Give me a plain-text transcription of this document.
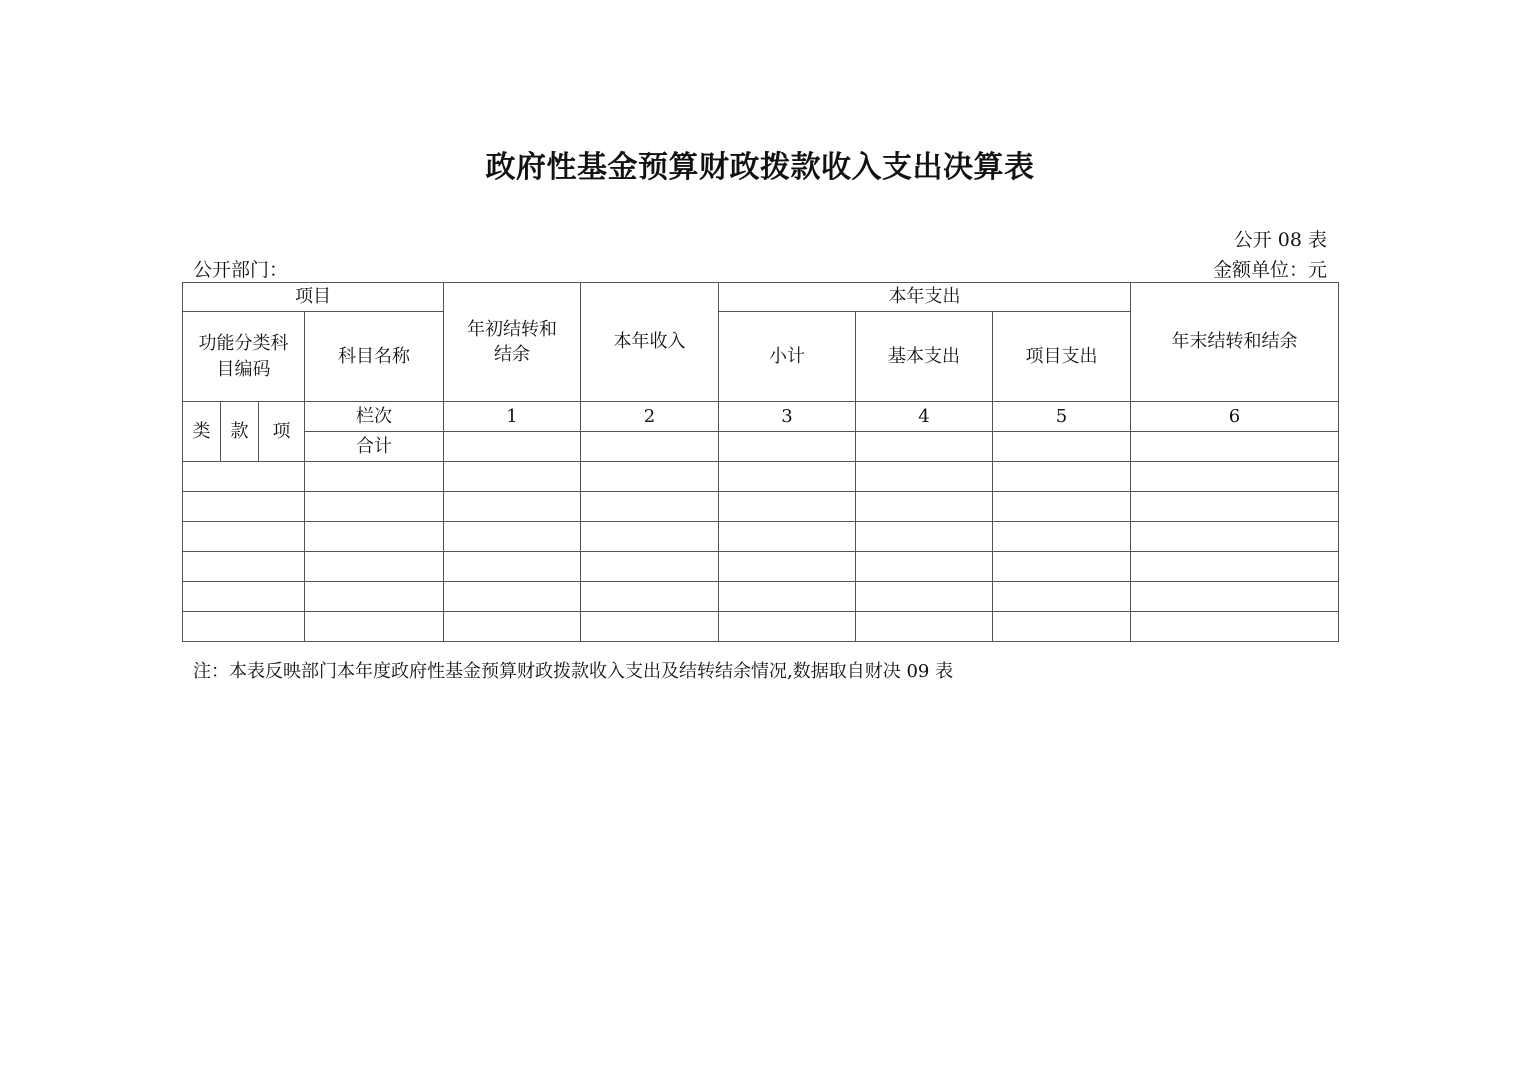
政府性基金预算财政拨款收入支出决算表
公开 08 表
公开部门：	金额单位：元
项目				年初结转和结余	本年收入	本年支出			年末结转和结余

功能分类科目编码			科目名称			小计	基本支出	项目支出	
类	款	项	栏次	1	2	3	4	5	6
			合计						

注：本表反映部门本年度政府性基金预算财政拨款收入支出及结转结余情况,数据取自财决 09 表
